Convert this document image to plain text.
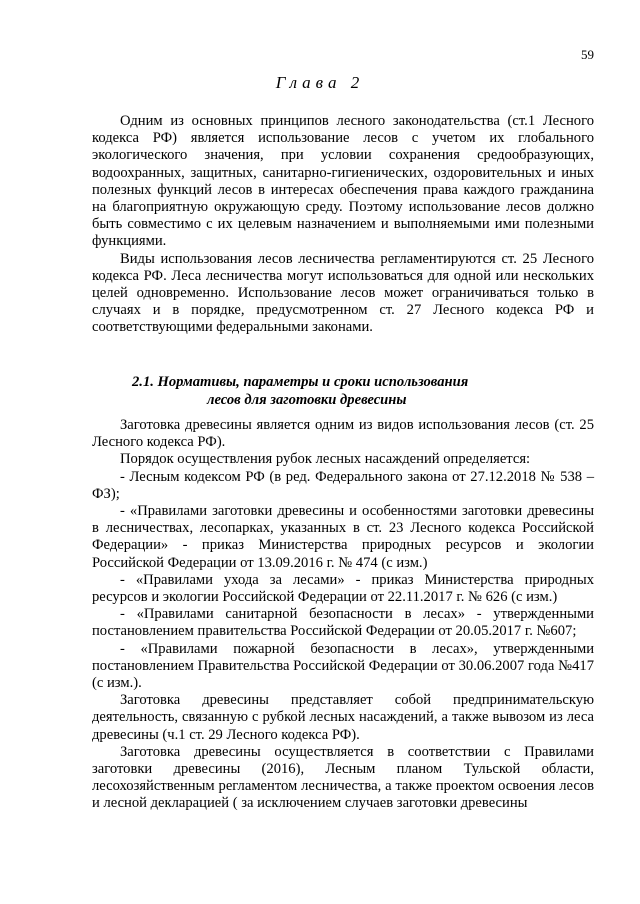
59
Глава 2

Одним из основных принципов лесного законодательства (ст.1 Лесного кодекса РФ) является использование лесов с учетом их глобального экологического значения, при условии сохранения средообразующих, водоохранных, защитных, санитарно-гигиенических, оздоровительных и иных полезных функций лесов в интересах обеспечения права каждого гражданина на благоприятную окружающую среду. Поэтому использование лесов должно быть совместимо с их целевым назначением и выполняемыми ими полезными функциями.

Виды использования лесов лесничества регламентируются ст. 25 Лесного кодекса РФ. Леса лесничества могут использоваться для одной или нескольких целей одновременно. Использование лесов может ограничиваться только в случаях и в порядке, предусмотренном ст. 27 Лесного кодекса РФ и соответствующими федеральными законами.

2.1. Нормативы, параметры и сроки использования
лесов для заготовки древесины

Заготовка древесины является одним из видов использования лесов (ст. 25 Лесного кодекса РФ).

Порядок осуществления рубок лесных насаждений определяется:

- Лесным кодексом РФ (в ред. Федерального закона от 27.12.2018 № 538 – ФЗ);

- «Правилами заготовки древесины и особенностями заготовки древесины в лесничествах, лесопарках, указанных в ст. 23 Лесного кодекса Российской Федерации» - приказ Министерства природных ресурсов и экологии Российской Федерации от 13.09.2016 г. № 474 (с изм.)

- «Правилами ухода за лесами» - приказ Министерства природных ресурсов и экологии Российской Федерации от 22.11.2017 г. № 626 (с изм.)

- «Правилами санитарной безопасности в лесах» - утвержденными постановлением правительства Российской Федерации от 20.05.2017 г. №607;

- «Правилами пожарной безопасности в лесах», утвержденными постановлением Правительства Российской Федерации от 30.06.2007 года №417 (с изм.).

Заготовка древесины представляет собой предпринимательскую деятельность, связанную с рубкой лесных насаждений, а также вывозом из леса древесины (ч.1 ст. 29 Лесного кодекса РФ).

Заготовка древесины осуществляется в соответствии с Правилами заготовки древесины (2016), Лесным планом Тульской области, лесохозяйственным регламентом лесничества, а также проектом освоения лесов и лесной декларацией ( за исключением случаев заготовки древесины
